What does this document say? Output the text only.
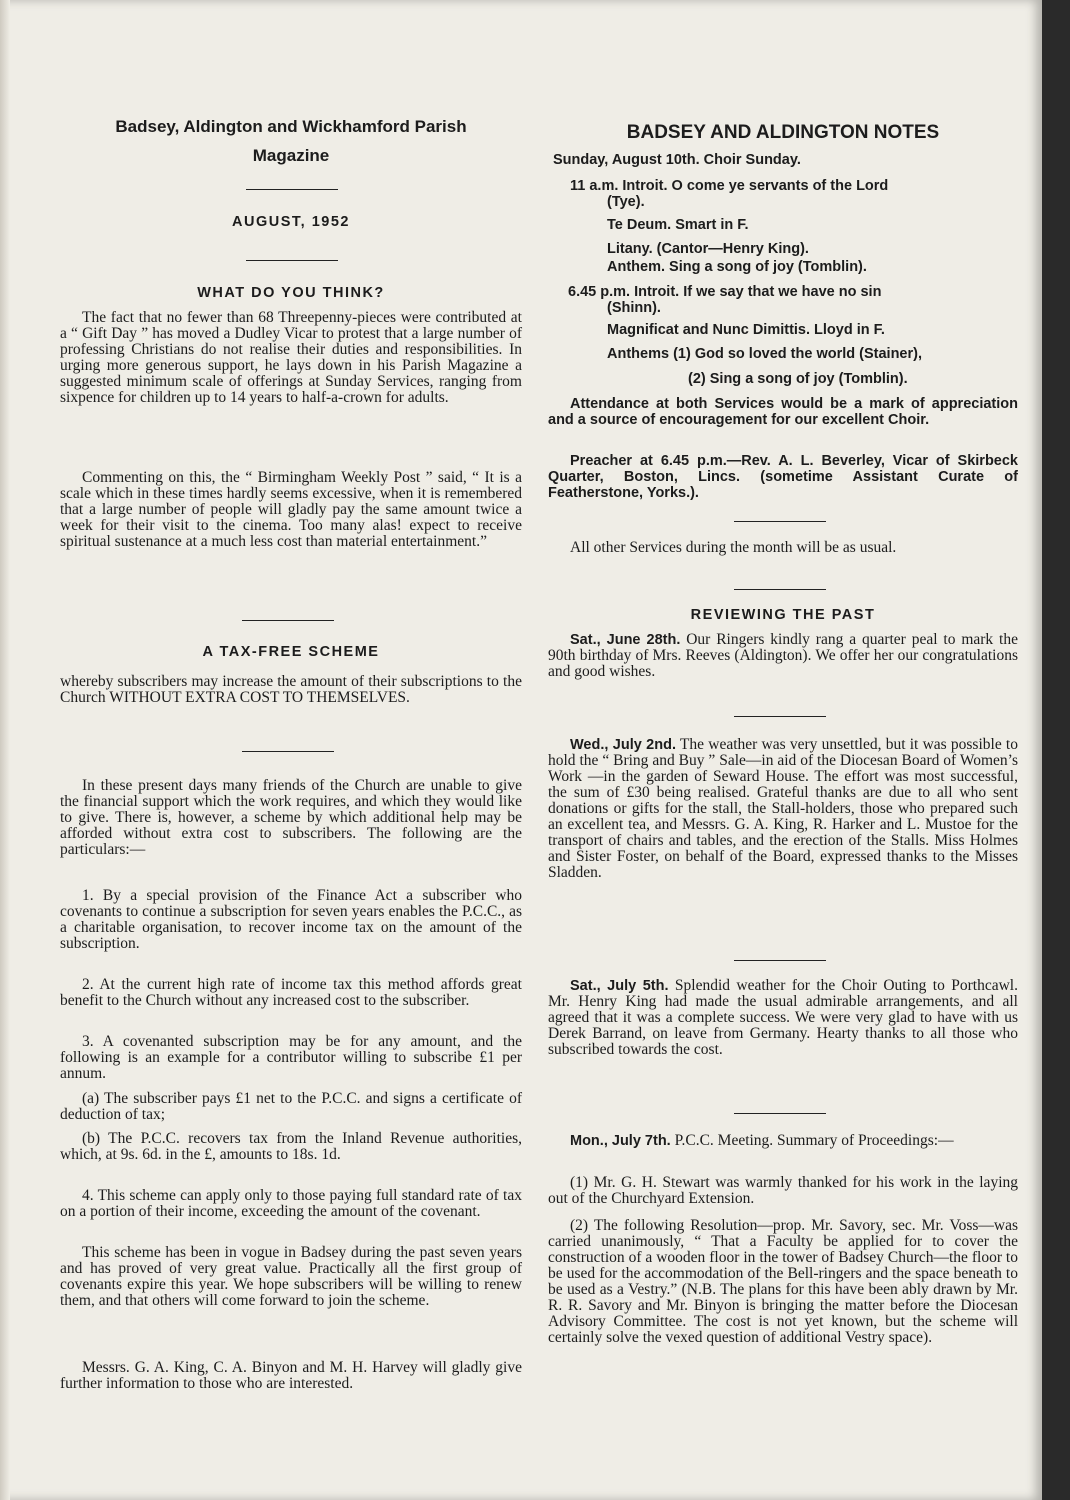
Badsey, Aldington and Wickhamford Parish
Magazine
AUGUST, 1952
WHAT DO YOU THINK?
The fact that no fewer than 68 Threepenny-pieces were contributed at a “ Gift Day ” has moved a Dudley Vicar to protest that a large number of professing Christians do not realise their duties and responsibilities. In urging more generous support, he lays down in his Parish Magazine a suggested minimum scale of offerings at Sunday Services, ranging from sixpence for children up to 14 years to half-a-crown for adults.
Commenting on this, the “ Birmingham Weekly Post ” said, “ It is a scale which in these times hardly seems excessive, when it is remembered that a large number of people will gladly pay the same amount twice a week for their visit to the cinema. Too many alas! expect to receive spiritual sustenance at a much less cost than material entertainment.”
A TAX-FREE SCHEME
whereby subscribers may increase the amount of their subscriptions to the Church WITHOUT EXTRA COST TO THEMSELVES.
In these present days many friends of the Church are unable to give the financial support which the work requires, and which they would like to give. There is, however, a scheme by which additional help may be afforded without extra cost to subscribers. The following are the particulars:—
1. By a special provision of the Finance Act a subscriber who covenants to continue a subscription for seven years enables the P.C.C., as a charitable organisation, to recover income tax on the amount of the subscription.
2. At the current high rate of income tax this method affords great benefit to the Church without any increased cost to the subscriber.
3. A covenanted subscription may be for any amount, and the following is an example for a contributor willing to subscribe £1 per annum.
(a) The subscriber pays £1 net to the P.C.C. and signs a certificate of deduction of tax;
(b) The P.C.C. recovers tax from the Inland Revenue authorities, which, at 9s. 6d. in the £, amounts to 18s. 1d.
4. This scheme can apply only to those paying full standard rate of tax on a portion of their income, exceeding the amount of the covenant.
This scheme has been in vogue in Badsey during the past seven years and has proved of very great value. Practically all the first group of covenants expire this year. We hope subscribers will be willing to renew them, and that others will come forward to join the scheme.
Messrs. G. A. King, C. A. Binyon and M. H. Harvey will gladly give further information to those who are interested.
BADSEY AND ALDINGTON NOTES
Sunday, August 10th. Choir Sunday.
11 a.m. Introit. O come ye servants of the Lord
(Tye).
Te Deum. Smart in F.
Litany. (Cantor—Henry King).
Anthem. Sing a song of joy (Tomblin).
6.45 p.m. Introit. If we say that we have no sin
(Shinn).
Magnificat and Nunc Dimittis. Lloyd in F.
Anthems (1) God so loved the world (Stainer),
(2) Sing a song of joy (Tomblin).
Attendance at both Services would be a mark of appreciation and a source of encouragement for our excellent Choir.
Preacher at 6.45 p.m.—Rev. A. L. Beverley, Vicar of Skirbeck Quarter, Boston, Lincs. (sometime Assistant Curate of Featherstone, Yorks.).
All other Services during the month will be as usual.
REVIEWING THE PAST
Sat., June 28th. Our Ringers kindly rang a quarter peal to mark the 90th birthday of Mrs. Reeves (Aldington). We offer her our congratulations and good wishes.
Wed., July 2nd. The weather was very unsettled, but it was possible to hold the “ Bring and Buy ” Sale—in aid of the Diocesan Board of Women’s Work —in the garden of Seward House. The effort was most successful, the sum of £30 being realised. Grateful thanks are due to all who sent donations or gifts for the stall, the Stall-holders, those who prepared such an excellent tea, and Messrs. G. A. King, R. Harker and L. Mustoe for the transport of chairs and tables, and the erection of the Stalls. Miss Holmes and Sister Foster, on behalf of the Board, expressed thanks to the Misses Sladden.
Sat., July 5th. Splendid weather for the Choir Outing to Porthcawl. Mr. Henry King had made the usual admirable arrangements, and all agreed that it was a complete success. We were very glad to have with us Derek Barrand, on leave from Germany. Hearty thanks to all those who subscribed towards the cost.
Mon., July 7th. P.C.C. Meeting. Summary of Proceedings:—
(1) Mr. G. H. Stewart was warmly thanked for his work in the laying out of the Churchyard Extension.
(2) The following Resolution—prop. Mr. Savory, sec. Mr. Voss—was carried unanimously, “ That a Faculty be applied for to cover the construction of a wooden floor in the tower of Badsey Church—the floor to be used for the accommodation of the Bell-ringers and the space beneath to be used as a Vestry.” (N.B. The plans for this have been ably drawn by Mr. R. R. Savory and Mr. Binyon is bringing the matter before the Diocesan Advisory Committee. The cost is not yet known, but the scheme will certainly solve the vexed question of additional Vestry space).
